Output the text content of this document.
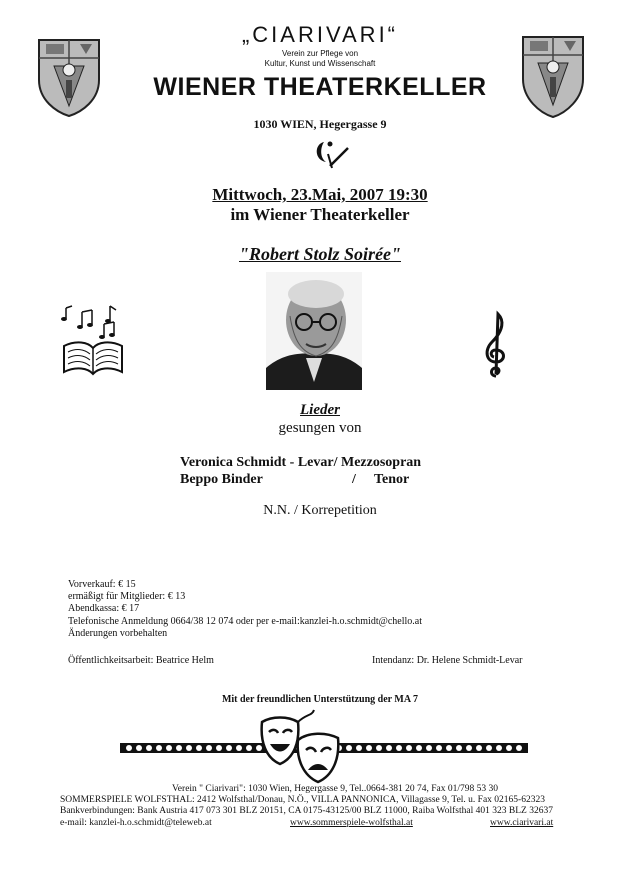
„CIARIVARI“
Verein zur Pflege von
Kultur, Kunst und Wissenschaft
WIENER THEATERKELLER
1030 WIEN, Hegergasse 9
Mittwoch, 23.Mai, 2007 19:30
im Wiener Theaterkeller
"Robert Stolz Soirée"
Lieder
gesungen von
Veronica Schmidt - Levar/ Mezzosopran
Beppo Binder	/ Tenor
N.N. / Korrepetition
Vorverkauf: € 15
ermäßigt für Mitglieder: € 13
Abendkassa: € 17
Telefonische Anmeldung 0664/38 12 074 oder per e-mail:kanzlei-h.o.schmidt@chello.at
Änderungen vorbehalten
Öffentlichkeitsarbeit: Beatrice Helm	Intendanz: Dr. Helene Schmidt-Levar
Mit der freundlichen Unterstützung der MA 7
Verein " Ciarivari": 1030 Wien, Hegergasse 9, Tel..0664-381 20 74, Fax 01/798 53 30
SOMMERSPIELE WOLFSTHAL: 2412 Wolfsthal/Donau, N.Ö., VILLA PANNONICA, Villagasse 9, Tel. u. Fax 02165-62323
Bankverbindungen: Bank Austria 417 073 301 BLZ 20151, CA 0175-43125/00 BLZ 11000, Raiba Wolfsthal 401 323 BLZ 32637
e-mail: kanzlei-h.o.schmidt@teleweb.at	www.sommerspiele-wolfsthal.at	www.ciarivari.at
